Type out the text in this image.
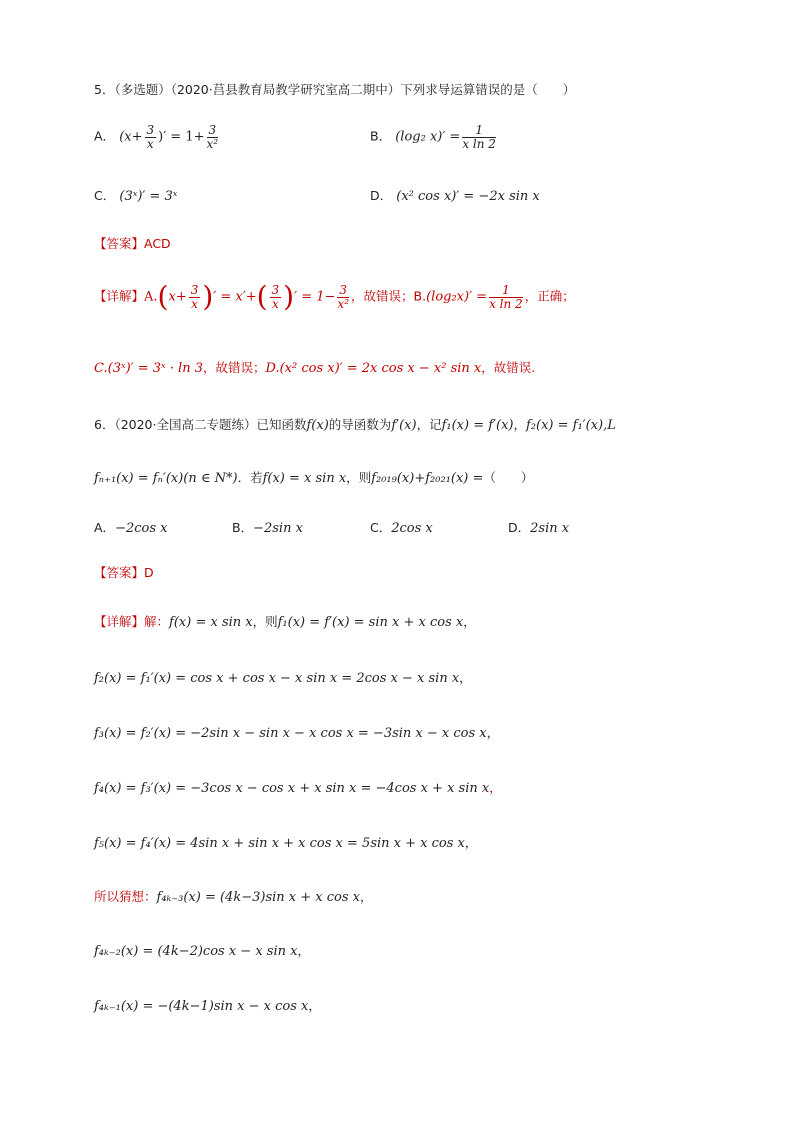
5．（多选题）（2020·莒县教育局教学研究室高二期中）下列求导运算错误的是（　　）
A． ($x+ \frac{3}{x}$ )′ = $1+ \frac{3}{\text{x²}}$	B． (log₂ $x)' = \frac{1}{\text{x ln 2}}$
C． (3ˣ)′ = 3ˣ	D． (x² cos x)′ = −2x sin x
【答案】ACD
【详解】$A.(x+ \frac{3}{x}$ )′ = $x'+( \frac{3}{x}$ )′ = $1- \frac{3}{\text{x²}}$ ，故错误；$B.(\log_2x)' = \frac{1}{\text{x ln 2}}$ ，正确；
C.(3ˣ)′ = 3ˣ · ln 3，故错误；D.(x² cos x)′ = 2x cos x − x² sin x，故错误.
6．（2020·全国高二专题练）已知函数f(x)的导函数为f′(x)，记f₁(x) = f′(x)，f₂(x) = f₁′(x),L
fₙ₊₁(x) = fₙ′(x)(n ∈ N*)．若f(x) = x sin x，则f₂₀₁₉(x)+f₂₀₂₁(x) =（　　）
A．−2cos x	B．−2sin x	C．2cos x	D．2sin x
【答案】D
【详解】解：f(x) = x sin x，则f₁(x) = f′(x) = sin x + x cos x，
f₂(x) = f₁′(x) = cos x + cos x − x sin x = 2cos x − x sin x，
f₃(x) = f₂′(x) = −2sin x − sin x − x cos x = −3sin x − x cos x，
f₄(x) = f₃′(x) = −3cos x − cos x + x sin x = −4cos x + x sin x，
f₅(x) = f₄′(x) = 4sin x + sin x + x cos x = 5sin x + x cos x，
所以猜想：f₄ₖ₋₃(x) = (4k−3)sin x + x cos x，
f₄ₖ₋₂(x) = (4k−2)cos x − x sin x，
f₄ₖ₋₁(x) = −(4k−1)sin x − x cos x，
